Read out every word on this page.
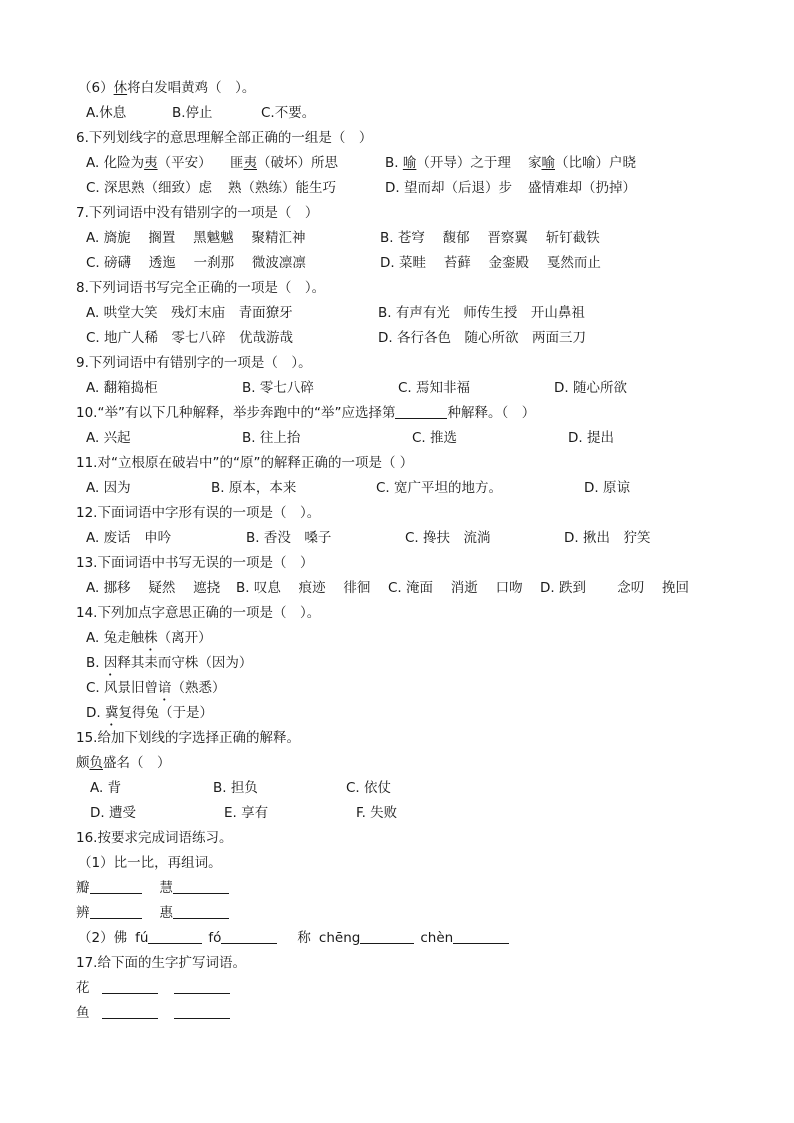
（6）休将白发唱黄鸡（　）。
A.休息	B.停止	C.不要。
6.下列划线字的意思理解全部正确的一组是（　）
A. 化险为夷（平安） 匪夷（破坏）所思	B. 喻（开导）之于理 家喻（比喻）户晓
C. 深思熟（细致）虑 熟（熟练）能生巧	D. 望而却（后退）步 盛情难却（扔掉）
7.下列词语中没有错别字的一项是（　）
A. 旖旎　 搁置　 黑魆魆　 聚精汇神	B. 苍穹　 馥郁　 晋察翼　 斩钉截铁
C. 磅礴　 透迤　 一刹那　 微波凛凛	D. 菜畦　 苔藓　 金銮殿　 戛然而止
8.下列词语书写完全正确的一项是（　）。
A. 哄堂大笑　残灯末庙　青面獠牙	B. 有声有光　师传生授　开山鼻祖
C. 地广人稀　零七八碎　优哉游哉	D. 各行各色　随心所欲　两面三刀
9.下列词语中有错别字的一项是（　）。
A. 翻箱捣柜	B. 零七八碎	C. 焉知非福	D. 随心所欲
10.“举”有以下几种解释，举步奔跑中的“举”应选择第	种解释。（　）
A. 兴起	B. 往上抬	C. 推选	D. 提出
11.对“立根原在破岩中”的“原”的解释正确的一项是（ ）
A. 因为	B. 原本，本来	C. 宽广平坦的地方。	D. 原谅
12.下面词语中字形有误的一项是（　）。
A. 废话　申吟	B. 香没　嗓子	C. 搀扶　流淌	D. 揪出　狞笑
13.下面词语中书写无误的一项是（　）
A. 挪移　 疑然　 遮挠 B. 叹息　 痕迹　 徘徊 C. 淹面　 消逝　 口吻 D. 跌到　 　念叨　 挽回
14.下列加点字意思正确的一项是（　）。
A. 兔走触株（离开）
B. 因释其耒而守株（因为）
C. 风景旧曾谙（熟悉）
D. 冀复得兔（于是）
15.给加下划线的字选择正确的解释。
颇负盛名（　）
A. 背	B. 担负	C. 依仗
D. 遭受	E. 享有	F. 失败
16.按要求完成词语练习。
（1）比一比，再组词。
瓣	慧
辨	惠
（2）佛 fú	fó	称 chēng	chèn
17.给下面的生字扩写词语。
花
鱼
